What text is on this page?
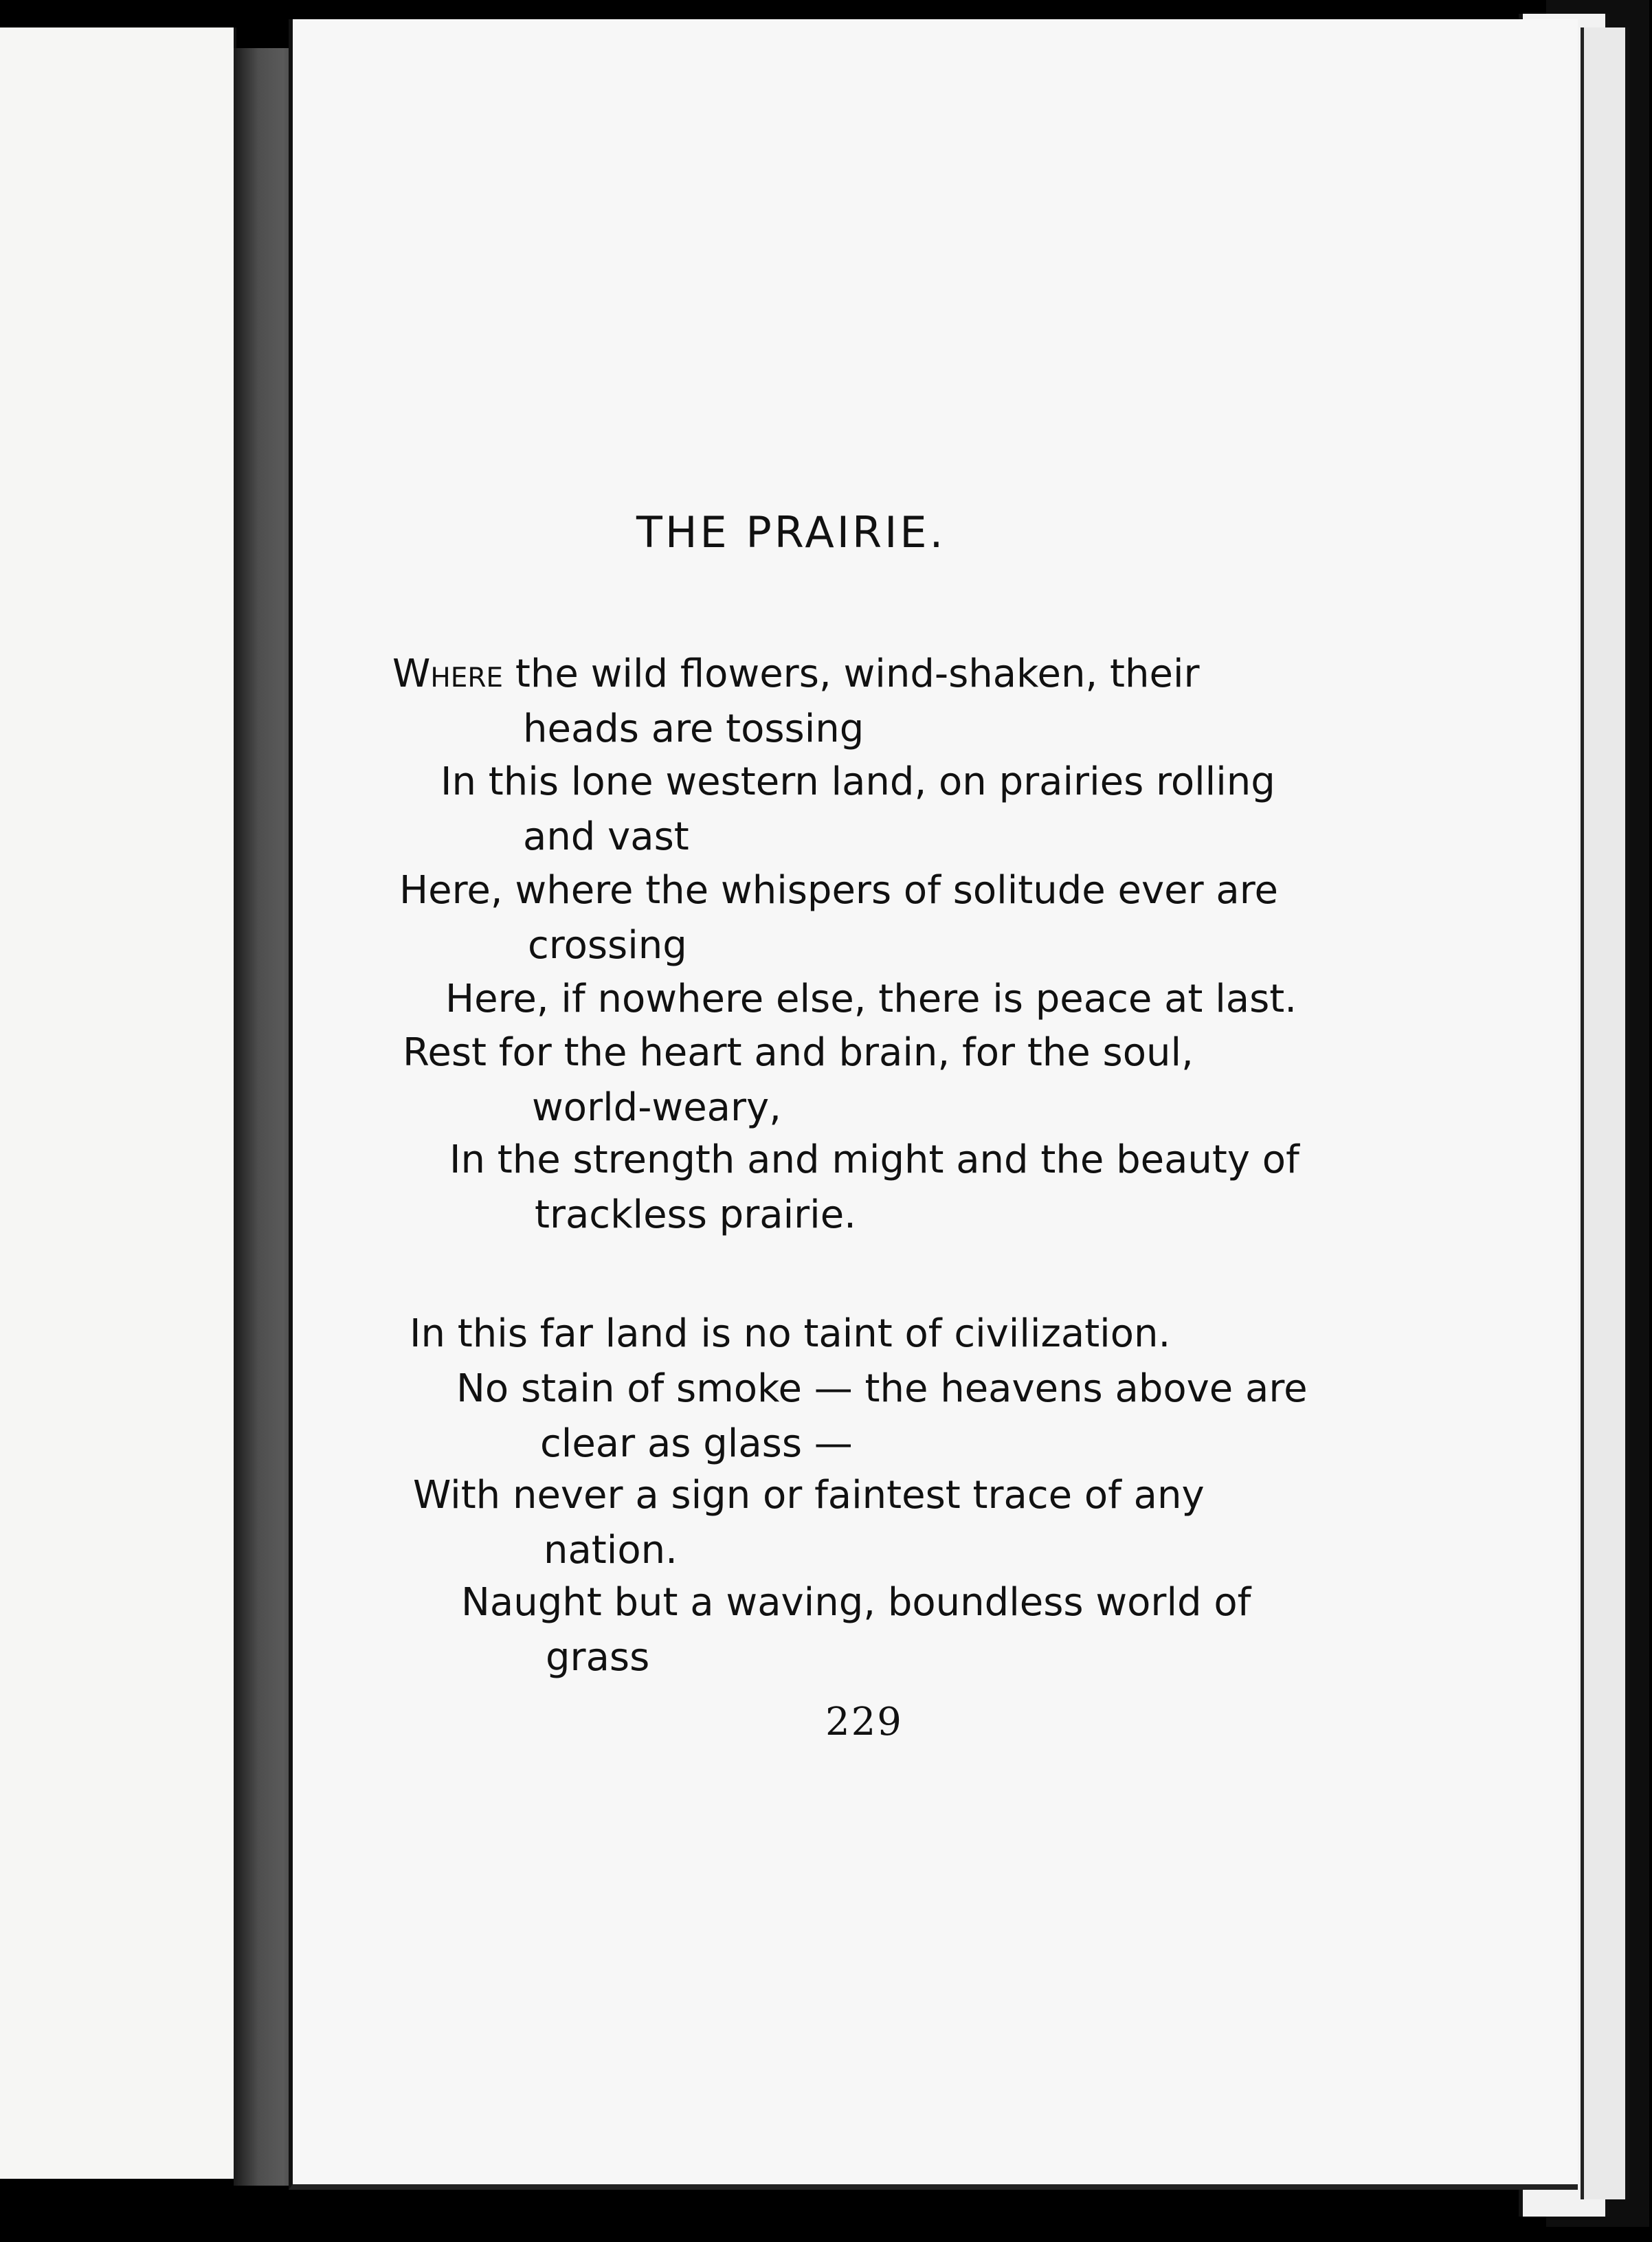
THE PRAIRIE.
Where the wild flowers, wind-shaken, their
heads are tossing
In this lone western land, on prairies rolling
and vast
Here, where the whispers of solitude ever are
crossing
Here, if nowhere else, there is peace at last.
Rest for the heart and brain, for the soul,
world-weary,
In the strength and might and the beauty of
trackless prairie.
In this far land is no taint of civilization.
No stain of smoke — the heavens above are
clear as glass —
With never a sign or faintest trace of any
nation.
Naught but a waving, boundless world of
grass
229
